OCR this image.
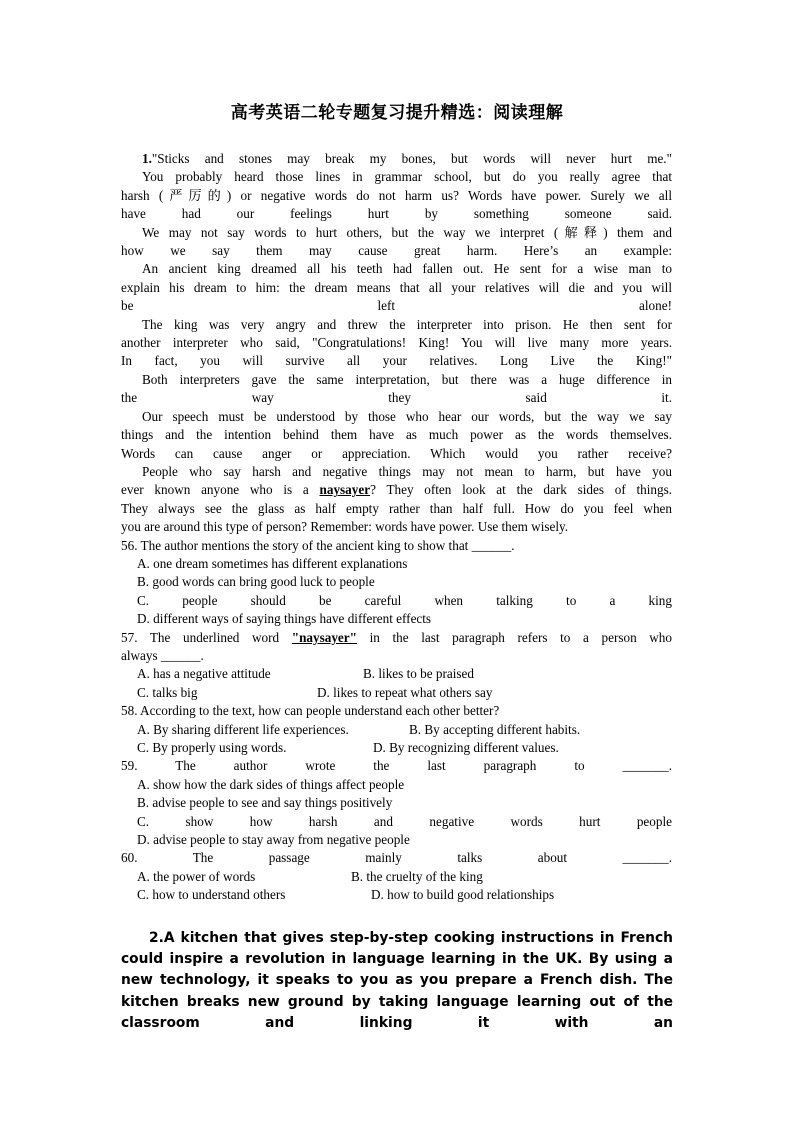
高考英语二轮专题复习提升精选：阅读理解

1."Sticks and stones may break my bones, but words will never hurt me."

You probably heard those lines in grammar school, but do you really agree that

harsh (严厉的) or negative words do not harm us? Words have power. Surely we all

have had our feelings hurt by something someone said.

We may not say words to hurt others, but the way we interpret (解释) them and

how we say them may cause great harm. Here’s an example:

An ancient king dreamed all his teeth had fallen out. He sent for a wise man to

explain his dream to him: the dream means that all your relatives will die and you will

be left alone!

The king was very angry and threw the interpreter into prison. He then sent for

another interpreter who said, "Congratulations! King! You will live many more years.

In fact, you will survive all your relatives. Long Live the King!"

Both interpreters gave the same interpretation, but there was a huge difference in

the way they said it.

Our speech must be understood by those who hear our words, but the way we say

things and the intention behind them have as much power as the words themselves.

Words can cause anger or appreciation. Which would you rather receive?

People who say harsh and negative things may not mean to harm, but have you

ever known anyone who is a naysayer? They often look at the dark sides of things.

They always see the glass as half empty rather than half full. How do you feel when

you are around this type of person? Remember: words have power. Use them wisely.

56. The author mentions the story of the ancient king to show that ______.

A. one dream sometimes has different explanations

B. good words can bring good luck to people

C. people should be careful when talking to a king

D. different ways of saying things have different effects

57. The underlined word "naysayer" in the last paragraph refers to a person who

always ______.

A. has a negative attitude	B. likes to be praised

C. talks big	D. likes to repeat what others say

58. According to the text, how can people understand each other better?

A. By sharing different life experiences.	B. By accepting different habits.

C. By properly using words.	D. By recognizing different values.

59. The author wrote the last paragraph to _______.

A. show how the dark sides of things affect people

B. advise people to see and say things positively

C. show how harsh and negative words hurt people

D. advise people to stay away from negative people

60. The passage mainly talks about _______.

A. the power of words	B. the cruelty of the king

C. how to understand others	D. how to build good relationships

2.A kitchen that gives step-by-step cooking instructions in French could inspire a revolution in language learning in the UK. By using a new technology, it speaks to you as you prepare a French dish. The kitchen breaks new ground by taking language learning out of the classroom and linking it with an
